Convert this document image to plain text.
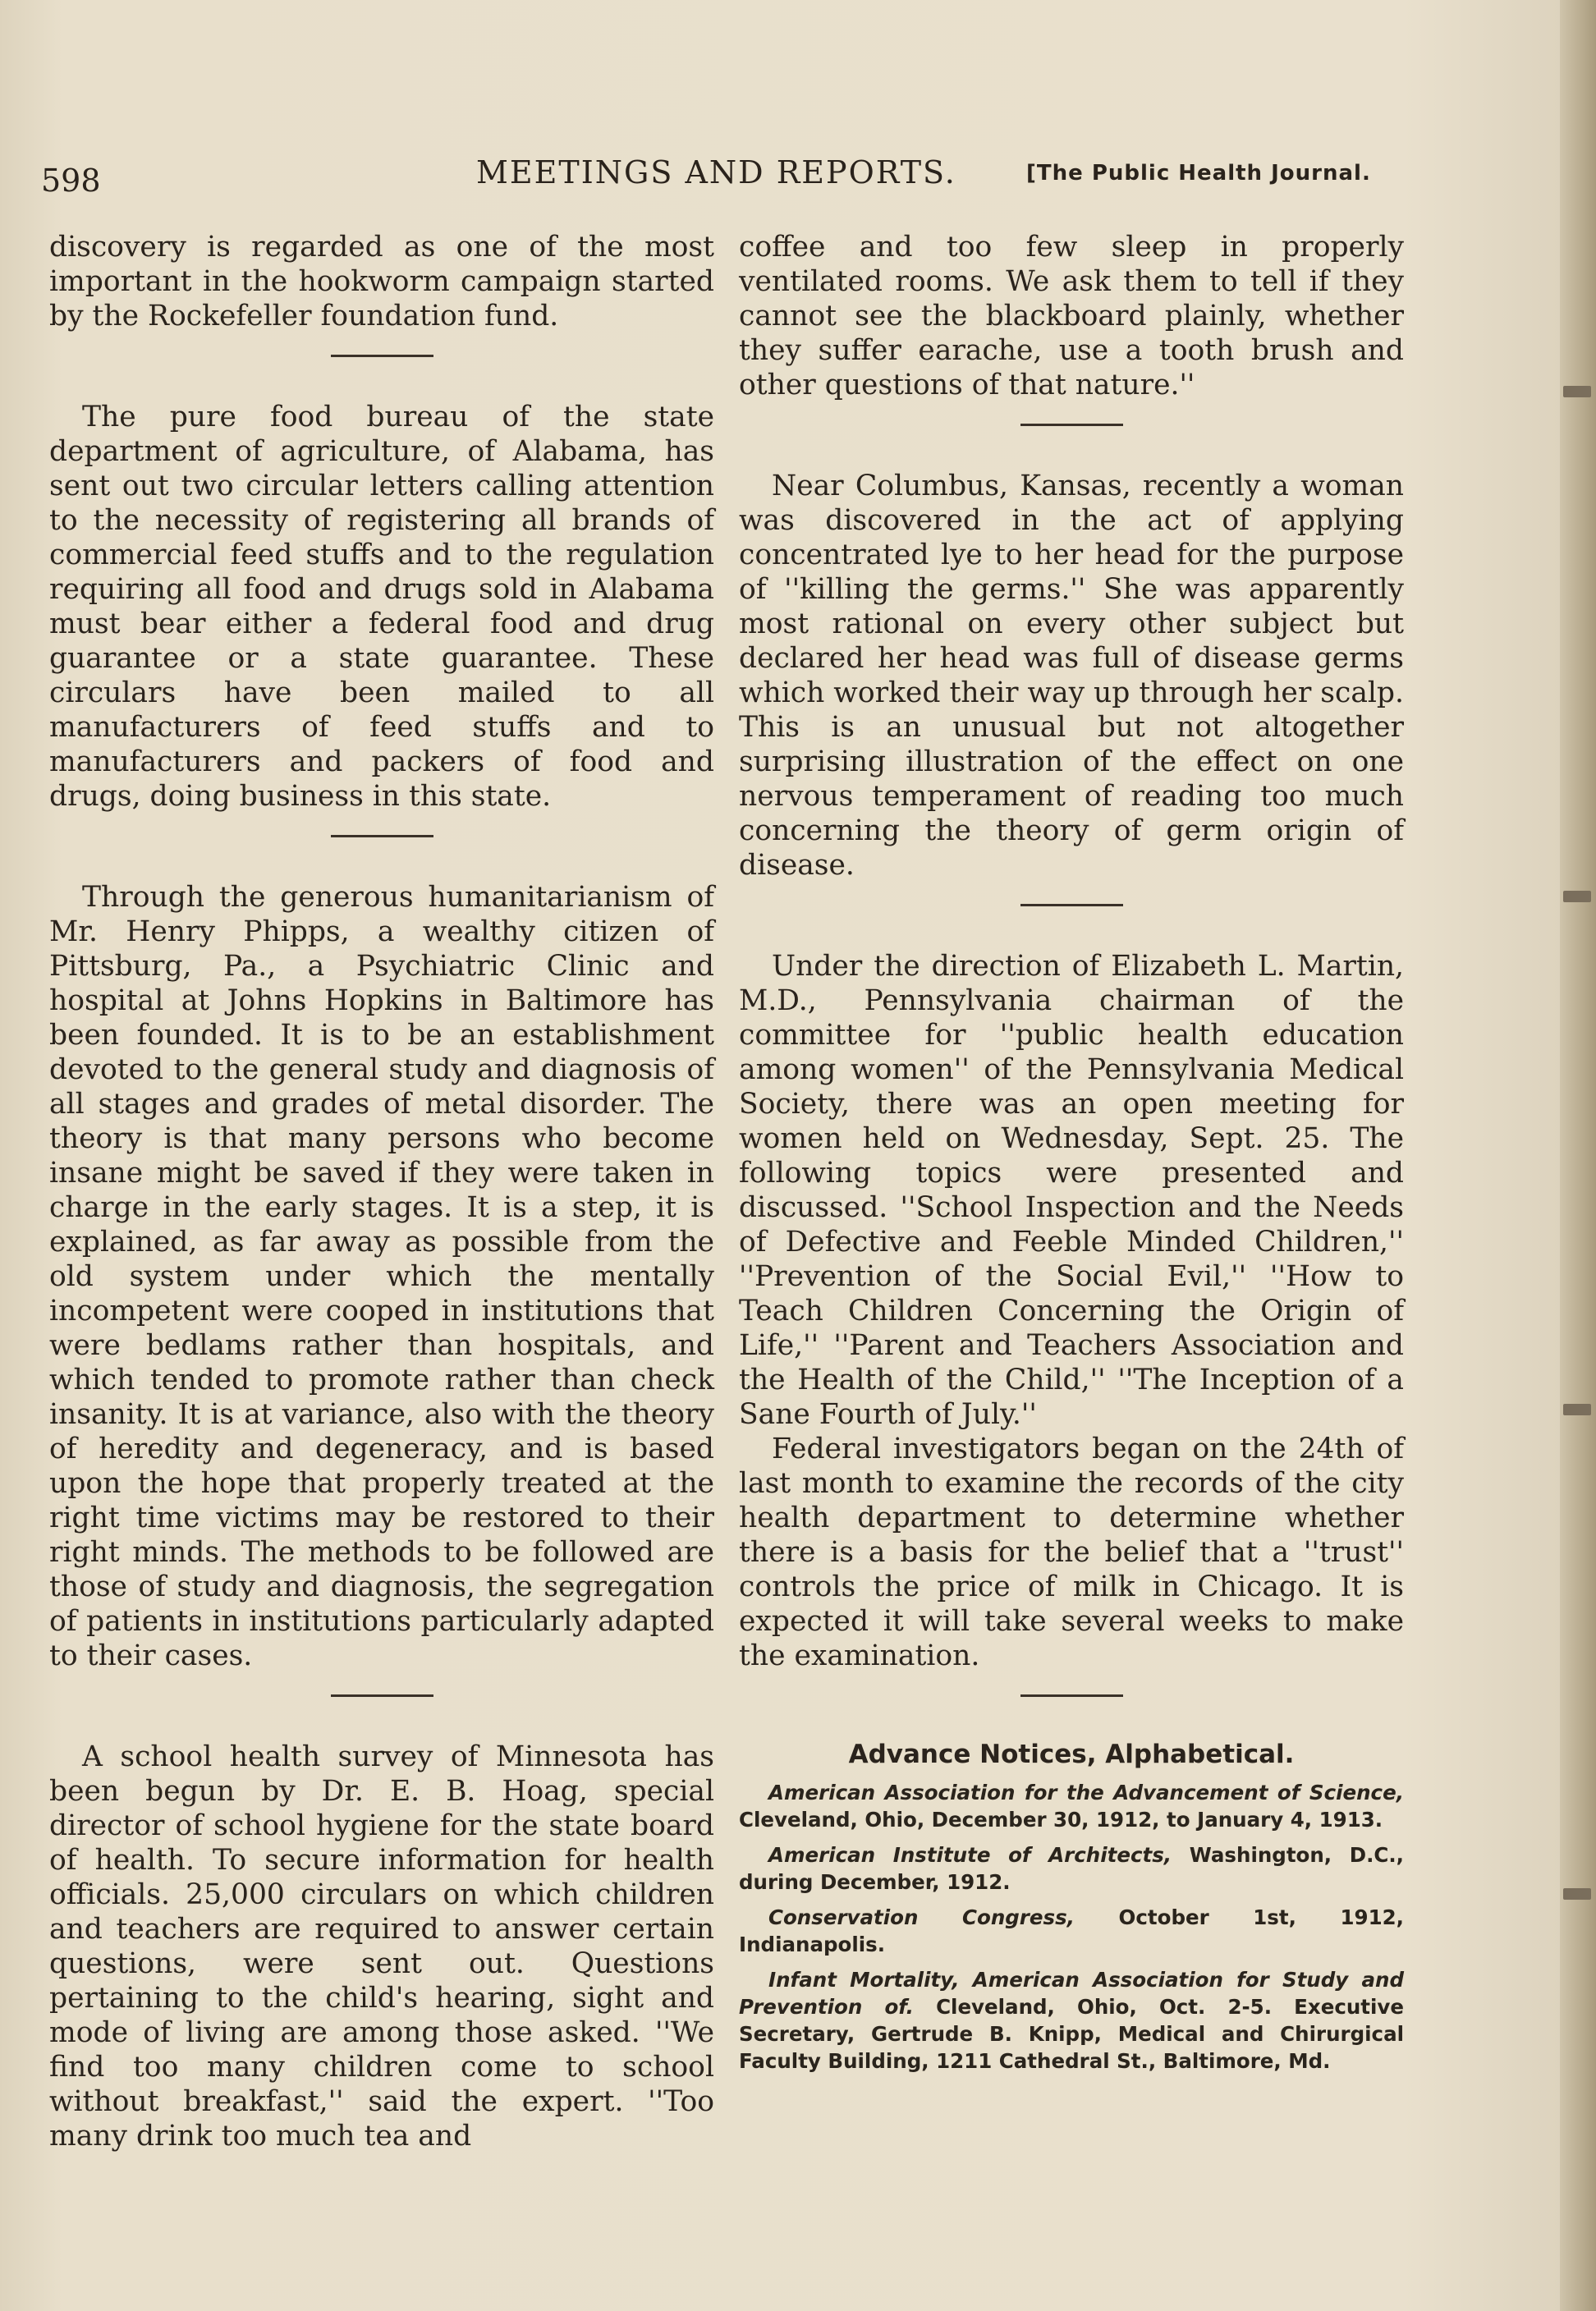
598	MEETINGS AND REPORTS.	[The Public Health Journal.

discovery is regarded as one of the most important in the hookworm campaign started by the Rockefeller foundation fund.

The pure food bureau of the state department of agriculture, of Alabama, has sent out two circular letters calling attention to the necessity of registering all brands of commercial feed stuffs and to the regulation requiring all food and drugs sold in Alabama must bear either a federal food and drug guarantee or a state guarantee. These circulars have been mailed to all manufacturers of feed stuffs and to manufacturers and packers of food and drugs, doing business in this state.

Through the generous humanitarianism of Mr. Henry Phipps, a wealthy citizen of Pittsburg, Pa., a Psychiatric Clinic and hospital at Johns Hopkins in Baltimore has been founded. It is to be an establishment devoted to the general study and diagnosis of all stages and grades of metal disorder. The theory is that many persons who become insane might be saved if they were taken in charge in the early stages. It is a step, it is explained, as far away as possible from the old system under which the mentally incompetent were cooped in institutions that were bedlams rather than hospitals, and which tended to promote rather than check insanity. It is at variance, also with the theory of heredity and degeneracy, and is based upon the hope that properly treated at the right time victims may be restored to their right minds. The methods to be followed are those of study and diagnosis, the segregation of patients in institutions particularly adapted to their cases.

A school health survey of Minnesota has been begun by Dr. E. B. Hoag, special director of school hygiene for the state board of health. To secure information for health officials. 25,000 circulars on which children and teachers are required to answer certain questions, were sent out. Questions pertaining to the child's hearing, sight and mode of living are among those asked. ''We find too many children come to school without breakfast,'' said the expert. ''Too many drink too much tea and

coffee and too few sleep in properly ventilated rooms. We ask them to tell if they cannot see the blackboard plainly, whether they suffer earache, use a tooth brush and other questions of that nature.''

Near Columbus, Kansas, recently a woman was discovered in the act of applying concentrated lye to her head for the purpose of ''killing the germs.'' She was apparently most rational on every other subject but declared her head was full of disease germs which worked their way up through her scalp. This is an unusual but not altogether surprising illustration of the effect on one nervous temperament of reading too much concerning the theory of germ origin of disease.

Under the direction of Elizabeth L. Martin, M.D., Pennsylvania chairman of the committee for ''public health education among women'' of the Pennsylvania Medical Society, there was an open meeting for women held on Wednesday, Sept. 25. The following topics were presented and discussed. ''School Inspection and the Needs of Defective and Feeble Minded Children,'' ''Prevention of the Social Evil,'' ''How to Teach Children Concerning the Origin of Life,'' ''Parent and Teachers Association and the Health of the Child,'' ''The Inception of a Sane Fourth of July.''

Federal investigators began on the 24th of last month to examine the records of the city health department to determine whether there is a basis for the belief that a ''trust'' controls the price of milk in Chicago. It is expected it will take several weeks to make the examination.

Advance Notices, Alphabetical.

American Association for the Advancement of Science, Cleveland, Ohio, December 30, 1912, to January 4, 1913.

American Institute of Architects, Washington, D.C., during December, 1912.

Conservation Congress, October 1st, 1912, Indianapolis.

Infant Mortality, American Association for Study and Prevention of. Cleveland, Ohio, Oct. 2-5. Executive Secretary, Gertrude B. Knipp, Medical and Chirurgical Faculty Building, 1211 Cathedral St., Baltimore, Md.
